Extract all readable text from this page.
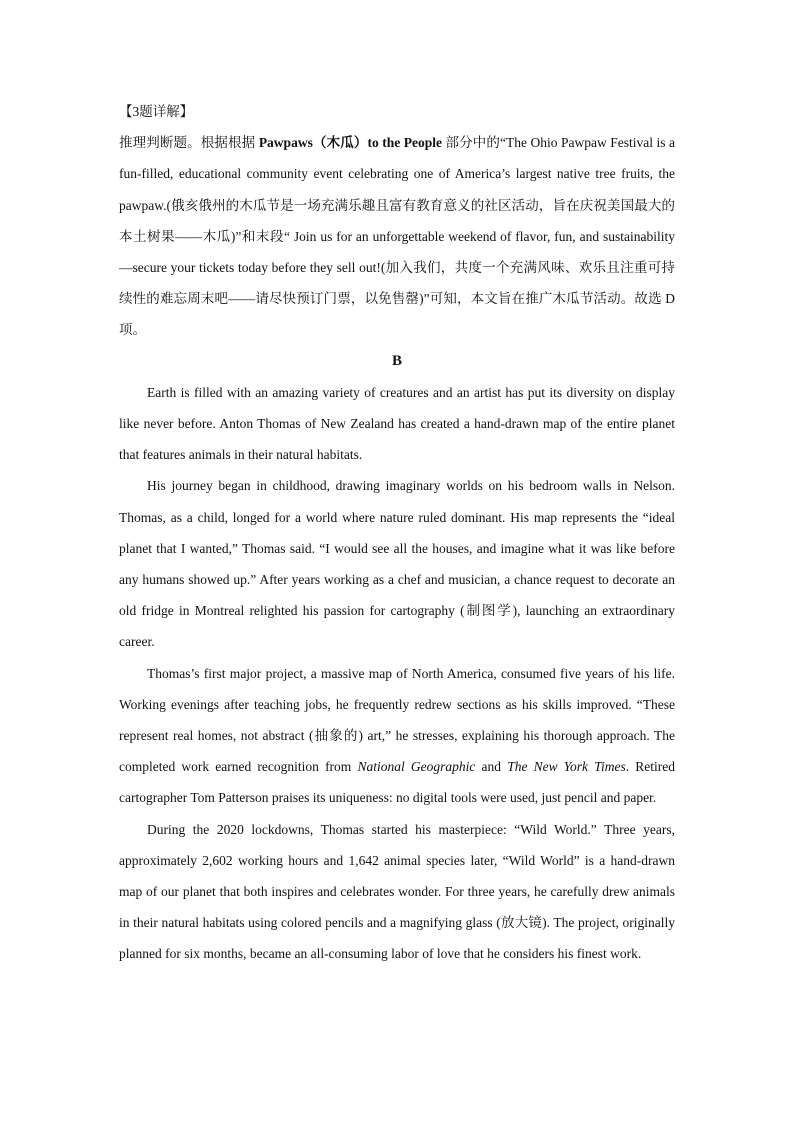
【3题详解】

推理判断题。根据根据 Pawpaws（木瓜）to the People 部分中的“The Ohio Pawpaw Festival is a fun-filled, educational community event celebrating one of America’s largest native tree fruits, the pawpaw.(俄亥俄州的木瓜节是一场充满乐趣且富有教育意义的社区活动，旨在庆祝美国最大的本土树果——木瓜)”和末段“ Join us for an unforgettable weekend of flavor, fun, and sustainability —secure your tickets today before they sell out!(加入我们，共度一个充满风味、欢乐且注重可持续性的难忘周末吧——请尽快预订门票，以免售罄)”可知，本文旨在推广木瓜节活动。故选 D 项。

B

Earth is filled with an amazing variety of creatures and an artist has put its diversity on display like never before. Anton Thomas of New Zealand has created a hand-drawn map of the entire planet that features animals in their natural habitats.

His journey began in childhood, drawing imaginary worlds on his bedroom walls in Nelson. Thomas, as a child, longed for a world where nature ruled dominant. His map represents the “ideal planet that I wanted,” Thomas said. “I would see all the houses, and imagine what it was like before any humans showed up.” After years working as a chef and musician, a chance request to decorate an old fridge in Montreal relighted his passion for cartography (制图学), launching an extraordinary career.

Thomas’s first major project, a massive map of North America, consumed five years of his life. Working evenings after teaching jobs, he frequently redrew sections as his skills improved. “These represent real homes, not abstract (抽象的) art,” he stresses, explaining his thorough approach. The completed work earned recognition from National Geographic and The New York Times. Retired cartographer Tom Patterson praises its uniqueness: no digital tools were used, just pencil and paper.

During the 2020 lockdowns, Thomas started his masterpiece: “Wild World.” Three years, approximately 2,602 working hours and 1,642 animal species later, “Wild World” is a hand-drawn map of our planet that both inspires and celebrates wonder. For three years, he carefully drew animals in their natural habitats using colored pencils and a magnifying glass (放大镜). The project, originally planned for six months, became an all-consuming labor of love that he considers his finest work.
